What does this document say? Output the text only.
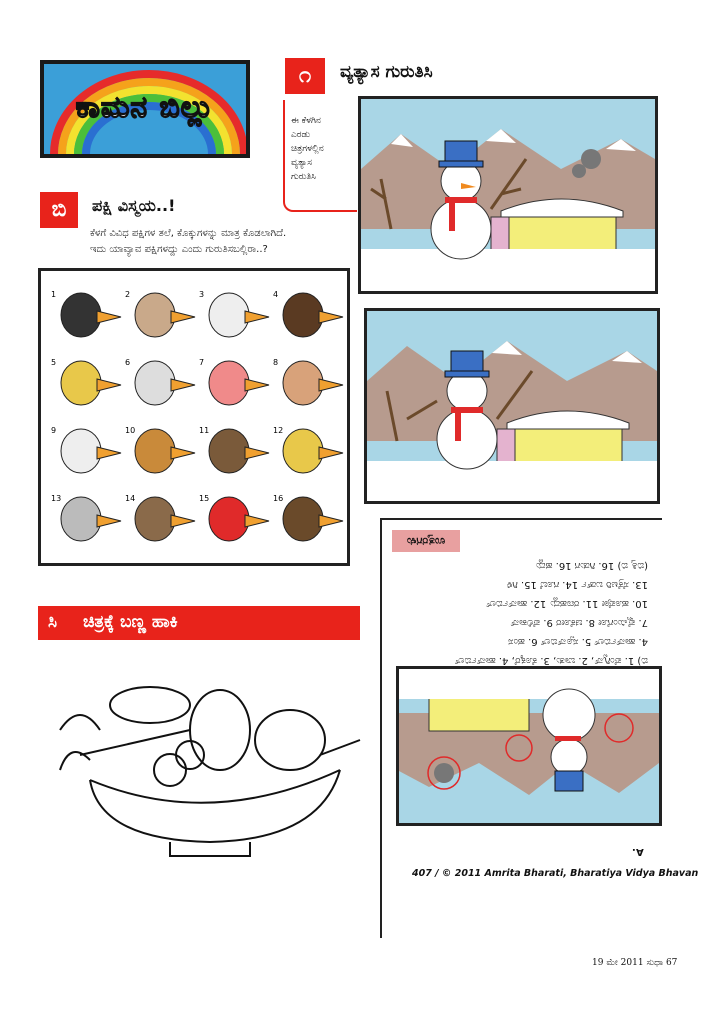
ಕಾಮನ ಬಿಲ್ಲು
೧	ವ್ಯತ್ಯಾಸ ಗುರುತಿಸಿ
ಈ ಕೆಳಗಿನ
ಎರಡು
ಚಿತ್ರಗಳಲ್ಲಿನ
ವ್ಯತ್ಯಾಸ
ಗುರುತಿಸಿ
ಬಿ	ಪಕ್ಷಿ ವಿಸ್ಮಯ..!
ಕೆಳಗೆ ವಿವಿಧ ಪಕ್ಷಿಗಳ ತಲೆ, ಕೊಕ್ಕುಗಳನ್ನು ಮಾತ್ರ ಕೊಡಲಾಗಿದೆ.
ಇದು ಯಾವ್ಯಾವ ಪಕ್ಷಿಗಳದ್ದು ಎಂದು ಗುರುತಿಸಬಲ್ಲಿರಾ..?
1	2	3	4
5	6	7	8
9	10	11	12
13	14	15	16
ಸಿ ಚಿತ್ರಕ್ಕೆ ಬಣ್ಣ ಹಾಕಿ
ಉತ್ತರಗಳು
ಬಿ) 1. ಪೆಂಗ್ವಿನ್, 2. ಬಾತು, 3. ಕೊಕ್ಕರೆ, 4. ಹಾರ್ನ್‌ಬಿಲ್
4. ಹಾರ್ನ್‌ಬಿಲ್ 5. ಸ್ಪೂನ್‌ಬಿಲ್ 6. ಹಂಸ
7. ಫ್ಲೆಮಿಂಗೋ 8. ಚಕೋರ 9. ಪೆಲಿಕಾನ್
10. ಹೂಪೋ 11. ರಣಹದ್ದು 12. ಹಾರ್ನ್‌ಬಿಲ್
13. ಸೆಕ್ರೆಟರಿ ಬರ್ಡ್ 14. ಗೂಬೆ 15. ಗಿಳಿ
(ಬಿತ್ತಿ ಬಿ) 16. ಗಿಡುಗ 16. ಹದ್ದು
A.
407 / © 2011 Amrita Bharati, Bharatiya Vidya Bhavan
19 ಮೇ 2011 ಸುಧಾ 67
